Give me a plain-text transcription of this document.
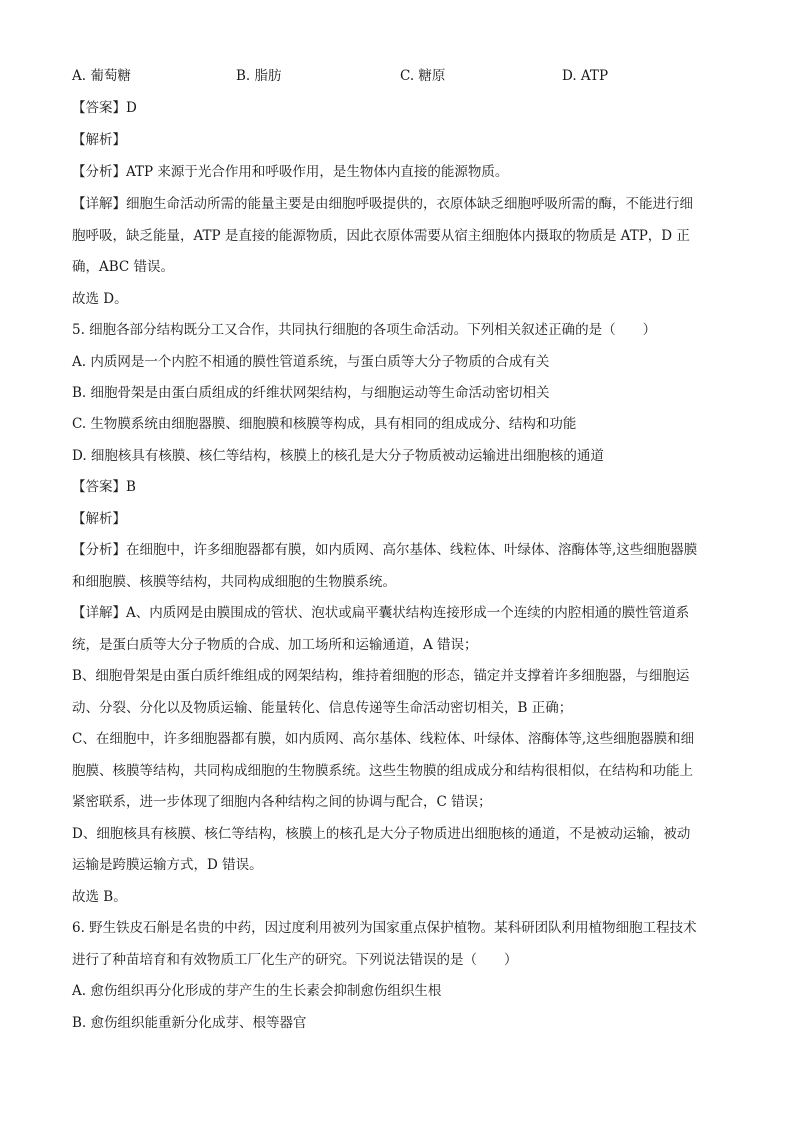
A. 葡萄糖	B. 脂肪	C. 糖原	D. ATP
【答案】D
【解析】
【分析】ATP 来源于光合作用和呼吸作用，是生物体内直接的能源物质。
【详解】细胞生命活动所需的能量主要是由细胞呼吸提供的，衣原体缺乏细胞呼吸所需的酶，不能进行细
胞呼吸，缺乏能量，ATP 是直接的能源物质，因此衣原体需要从宿主细胞体内摄取的物质是 ATP，D 正
确，ABC 错误。
故选 D。
5. 细胞各部分结构既分工又合作，共同执行细胞的各项生命活动。下列相关叙述正确的是（　　）
A. 内质网是一个内腔不相通的膜性管道系统，与蛋白质等大分子物质的合成有关
B. 细胞骨架是由蛋白质组成的纤维状网架结构，与细胞运动等生命活动密切相关
C. 生物膜系统由细胞器膜、细胞膜和核膜等构成，具有相同的组成成分、结构和功能
D. 细胞核具有核膜、核仁等结构，核膜上的核孔是大分子物质被动运输进出细胞核的通道
【答案】B
【解析】
【分析】在细胞中，许多细胞器都有膜，如内质网、高尔基体、线粒体、叶绿体、溶酶体等,这些细胞器膜
和细胞膜、核膜等结构，共同构成细胞的生物膜系统。
【详解】A、内质网是由膜围成的管状、泡状或扁平囊状结构连接形成一个连续的内腔相通的膜性管道系
统，是蛋白质等大分子物质的合成、加工场所和运输通道，A 错误；
B、细胞骨架是由蛋白质纤维组成的网架结构，维持着细胞的形态，锚定并支撑着许多细胞器，与细胞运
动、分裂、分化以及物质运输、能量转化、信息传递等生命活动密切相关，B 正确；
C、在细胞中，许多细胞器都有膜，如内质网、高尔基体、线粒体、叶绿体、溶酶体等,这些细胞器膜和细
胞膜、核膜等结构，共同构成细胞的生物膜系统。这些生物膜的组成成分和结构很相似，在结构和功能上
紧密联系，进一步体现了细胞内各种结构之间的协调与配合，C 错误；
D、细胞核具有核膜、核仁等结构，核膜上的核孔是大分子物质进出细胞核的通道，不是被动运输，被动
运输是跨膜运输方式，D 错误。
故选 B。
6. 野生铁皮石斛是名贵的中药，因过度利用被列为国家重点保护植物。某科研团队利用植物细胞工程技术
进行了种苗培育和有效物质工厂化生产的研究。下列说法错误的是（　　）
A. 愈伤组织再分化形成的芽产生的生长素会抑制愈伤组织生根
B. 愈伤组织能重新分化成芽、根等器官
